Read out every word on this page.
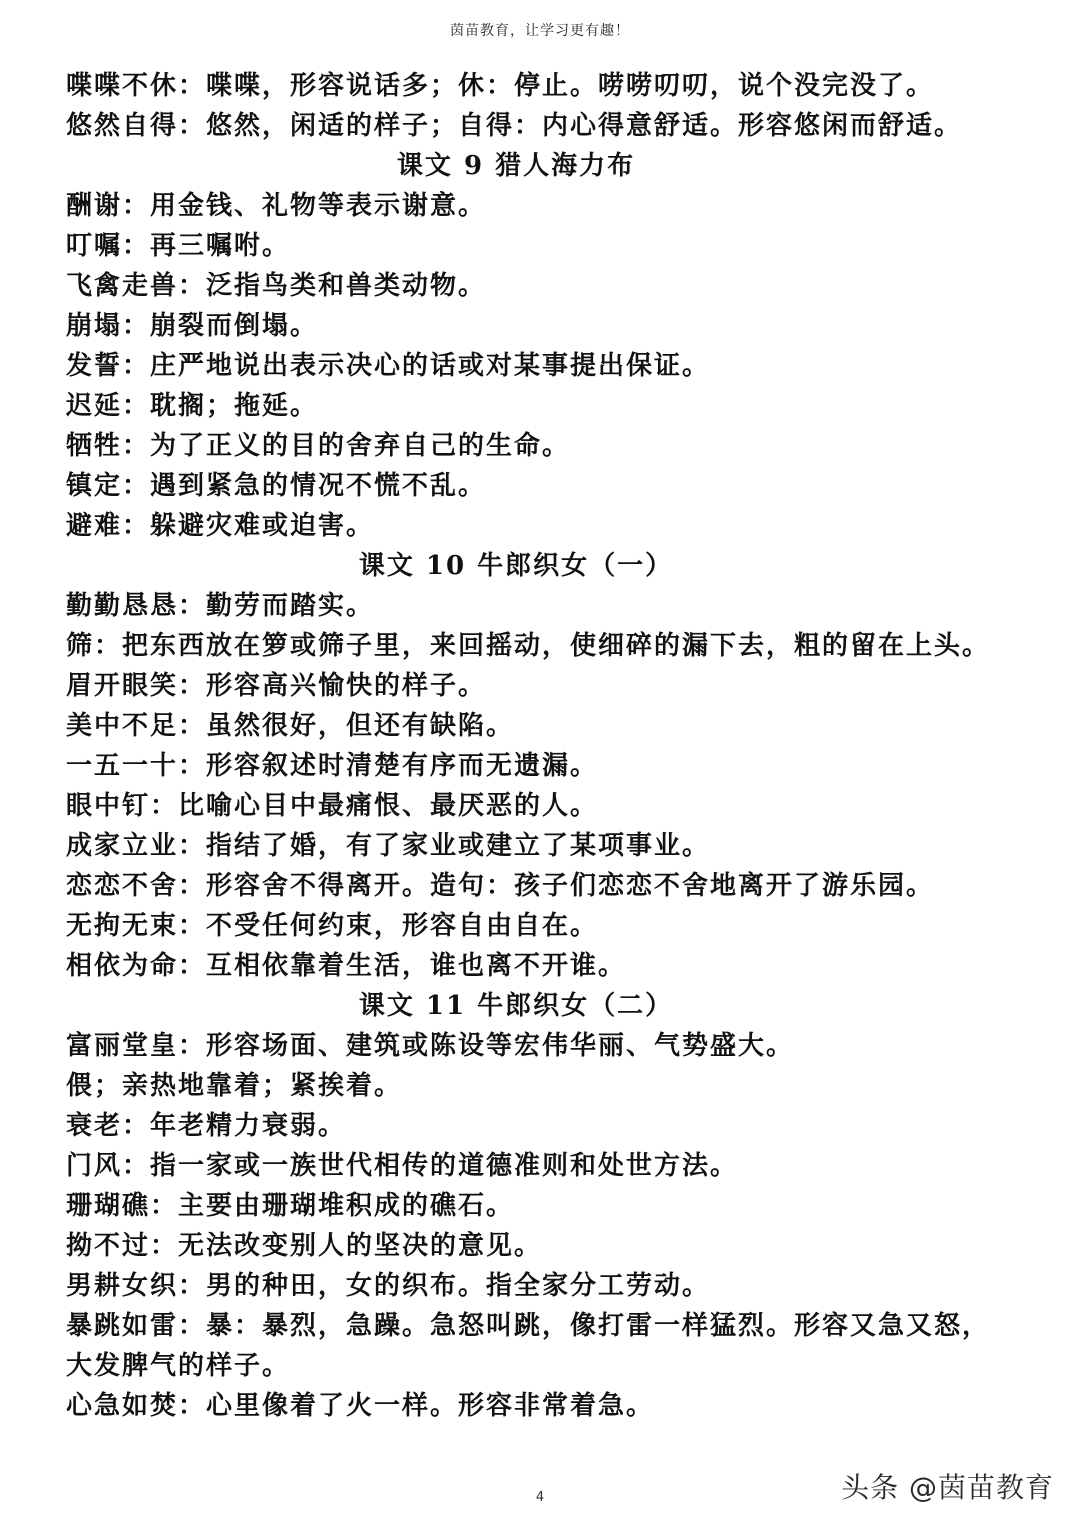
茵苗教育，让学习更有趣！
喋喋不休：喋喋，形容说话多；休：停止。唠唠叨叨，说个没完没了。
悠然自得：悠然，闲适的样子；自得：内心得意舒适。形容悠闲而舒适。
课文 9 猎人海力布
酬谢：用金钱、礼物等表示谢意。
叮嘱：再三嘱咐。
飞禽走兽：泛指鸟类和兽类动物。
崩塌：崩裂而倒塌。
发誓：庄严地说出表示决心的话或对某事提出保证。
迟延：耽搁；拖延。
牺牲：为了正义的目的舍弃自己的生命。
镇定：遇到紧急的情况不慌不乱。
避难：躲避灾难或迫害。
课文 10 牛郎织女（一）
勤勤恳恳：勤劳而踏实。
筛：把东西放在箩或筛子里，来回摇动，使细碎的漏下去，粗的留在上头。
眉开眼笑：形容高兴愉快的样子。
美中不足：虽然很好，但还有缺陷。
一五一十：形容叙述时清楚有序而无遗漏。
眼中钉：比喻心目中最痛恨、最厌恶的人。
成家立业：指结了婚，有了家业或建立了某项事业。
恋恋不舍：形容舍不得离开。造句：孩子们恋恋不舍地离开了游乐园。
无拘无束：不受任何约束，形容自由自在。
相依为命：互相依靠着生活，谁也离不开谁。
课文 11 牛郎织女（二）
富丽堂皇：形容场面、建筑或陈设等宏伟华丽、气势盛大。
偎；亲热地靠着；紧挨着。
衰老：年老精力衰弱。
门风：指一家或一族世代相传的道德准则和处世方法。
珊瑚礁：主要由珊瑚堆积成的礁石。
拗不过：无法改变别人的坚决的意见。
男耕女织：男的种田，女的织布。指全家分工劳动。
暴跳如雷：暴：暴烈，急躁。急怒叫跳，像打雷一样猛烈。形容又急又怒，
大发脾气的样子。
心急如焚：心里像着了火一样。形容非常着急。
4	头条 @茵苗教育
